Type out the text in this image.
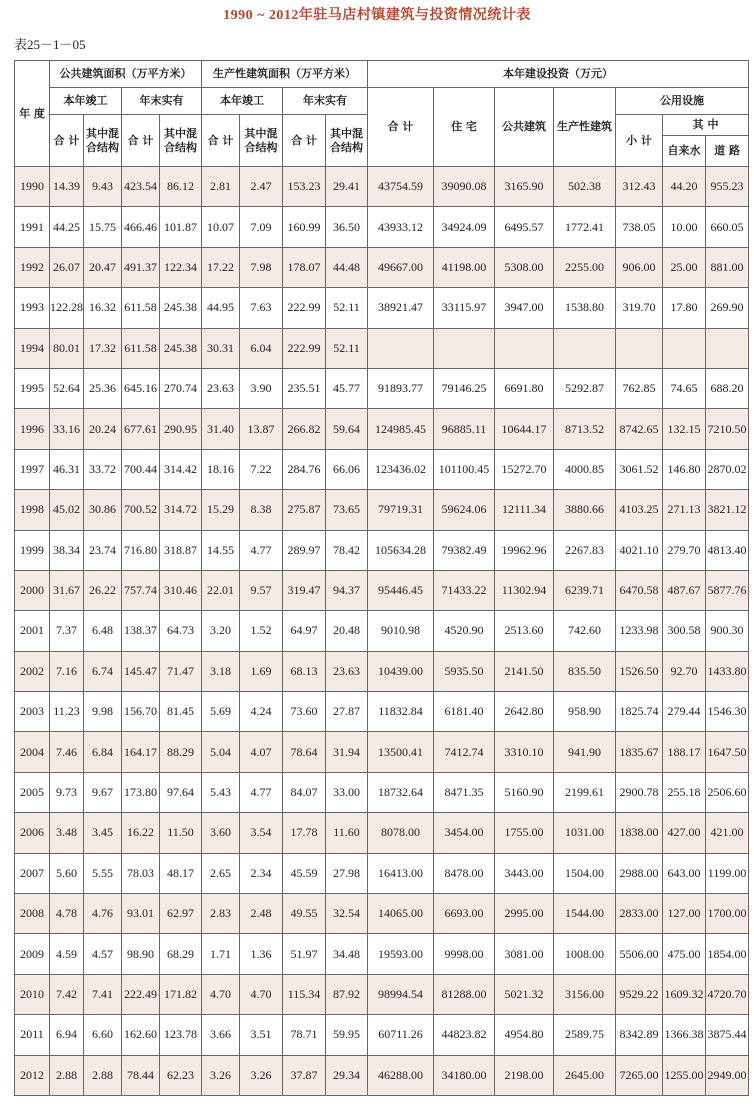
1990 ~ 2012年驻马店村镇建筑与投资情况统计表
表25－1－05
年 度	公共建筑面积（万平方米）				生产性建筑面积（万平方米）				本年建设投资（万元）						
	本年竣工		年末实有		本年竣工		年末实有		合 计	住 宅	公共建筑	生产性建筑	公用设施		
	合 计	其中混合结构	合 计	其中混合结构	合 计	其中混合结构	合 计	其中混合结构					小 计	其 中	
														自来水	道 路
1990	14.39	9.43	423.54	86.12	2.81	2.47	153.23	29.41	43754.59	39090.08	3165.90	502.38	312.43	44.20	955.23
1991	44.25	15.75	466.46	101.87	10.07	7.09	160.99	36.50	43933.12	34924.09	6495.57	1772.41	738.05	10.00	660.05
1992	26.07	20.47	491.37	122.34	17.22	7.98	178.07	44.48	49667.00	41198.00	5308.00	2255.00	906.00	25.00	881.00
1993	122.28	16.32	611.58	245.38	44.95	7.63	222.99	52.11	38921.47	33115.97	3947.00	1538.80	319.70	17.80	269.90
1994	80.01	17.32	611.58	245.38	30.31	6.04	222.99	52.11							
1995	52.64	25.36	645.16	270.74	23.63	3.90	235.51	45.77	91893.77	79146.25	6691.80	5292.87	762.85	74.65	688.20
1996	33.16	20.24	677.61	290.95	31.40	13.87	266.82	59.64	124985.45	96885.11	10644.17	8713.52	8742.65	132.15	7210.50
1997	46.31	33.72	700.44	314.42	18.16	7.22	284.76	66.06	123436.02	101100.45	15272.70	4000.85	3061.52	146.80	2870.02
1998	45.02	30.86	700.52	314.72	15.29	8.38	275.87	73.65	79719.31	59624.06	12111.34	3880.66	4103.25	271.13	3821.12
1999	38.34	23.74	716.80	318.87	14.55	4.77	289.97	78.42	105634.28	79382.49	19962.96	2267.83	4021.10	279.70	4813.40
2000	31.67	26.22	757.74	310.46	22.01	9.57	319.47	94.37	95446.45	71433.22	11302.94	6239.71	6470.58	487.67	5877.76
2001	7.37	6.48	138.37	64.73	3.20	1.52	64.97	20.48	9010.98	4520.90	2513.60	742.60	1233.98	300.58	900.30
2002	7.16	6.74	145.47	71.47	3.18	1.69	68.13	23.63	10439.00	5935.50	2141.50	835.50	1526.50	92.70	1433.80
2003	11.23	9.98	156.70	81.45	5.69	4.24	73.60	27.87	11832.84	6181.40	2642.80	958.90	1825.74	279.44	1546.30
2004	7.46	6.84	164.17	88.29	5.04	4.07	78.64	31.94	13500.41	7412.74	3310.10	941.90	1835.67	188.17	1647.50
2005	9.73	9.67	173.80	97.64	5.43	4.77	84.07	33.00	18732.64	8471.35	5160.90	2199.61	2900.78	255.18	2506.60
2006	3.48	3.45	16.22	11.50	3.60	3.54	17.78	11.60	8078.00	3454.00	1755.00	1031.00	1838.00	427.00	421.00
2007	5.60	5.55	78.03	48.17	2.65	2.34	45.59	27.98	16413.00	8478.00	3443.00	1504.00	2988.00	643.00	1199.00
2008	4.78	4.76	93.01	62.97	2.83	2.48	49.55	32.54	14065.00	6693.00	2995.00	1544.00	2833.00	127.00	1700.00
2009	4.59	4.57	98.90	68.29	1.71	1.36	51.97	34.48	19593.00	9998.00	3081.00	1008.00	5506.00	475.00	1854.00
2010	7.42	7.41	222.49	171.82	4.70	4.70	115.34	87.92	98994.54	81288.00	5021.32	3156.00	9529.22	1609.32	4720.70
2011	6.94	6.60	162.60	123.78	3.66	3.51	78.71	59.95	60711.26	44823.82	4954.80	2589.75	8342.89	1366.38	3875.44
2012	2.88	2.88	78.44	62.23	3.26	3.26	37.87	29.34	46288.00	34180.00	2198.00	2645.00	7265.00	1255.00	2949.00
